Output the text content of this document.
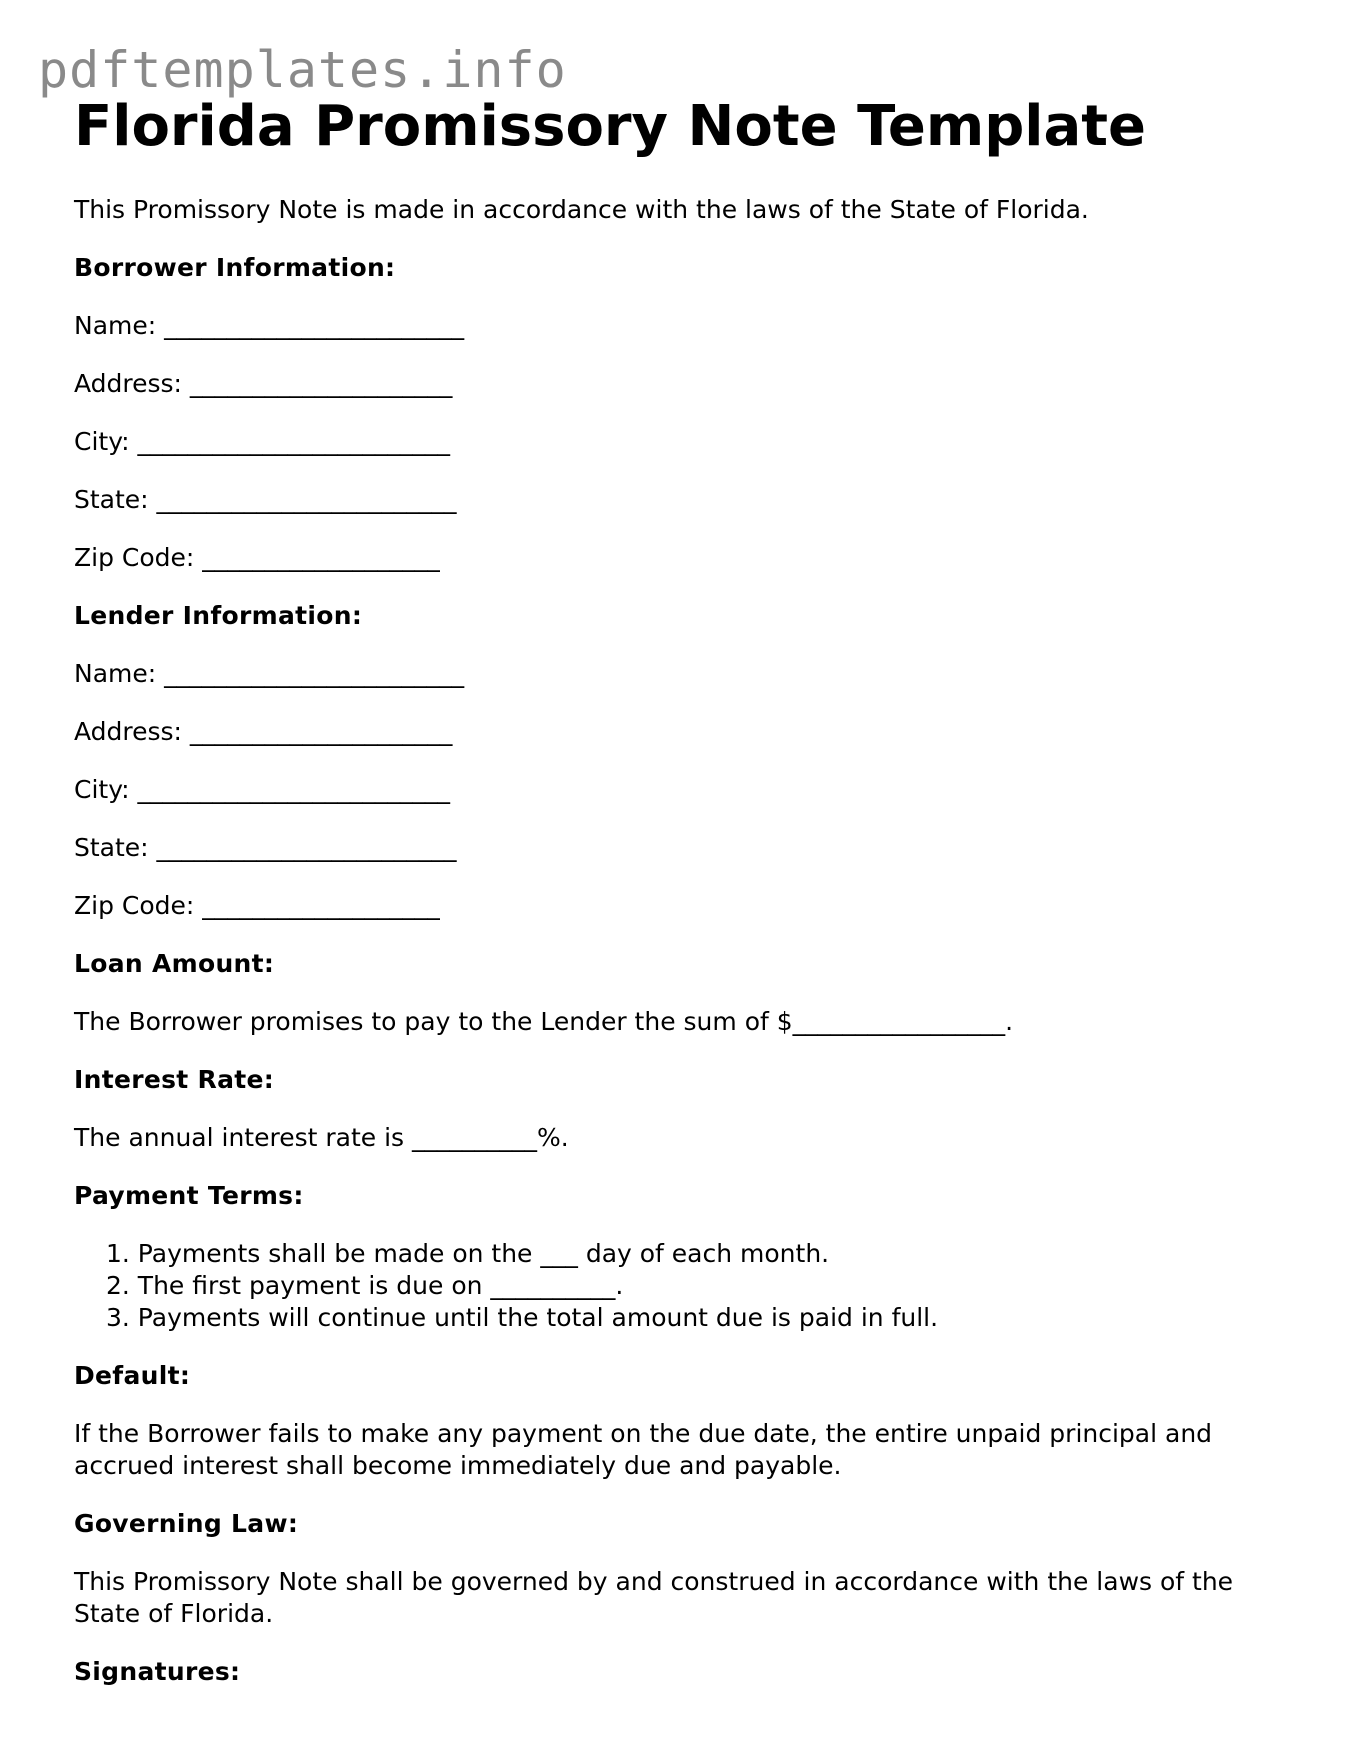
pdftemplates.info
Florida Promissory Note Template
This Promissory Note is made in accordance with the laws of the State of Florida.
Borrower Information:
Name: ________________________
Address: _____________________
City: _________________________
State: ________________________
Zip Code: ___________________
Lender Information:
Name: ________________________
Address: _____________________
City: _________________________
State: ________________________
Zip Code: ___________________
Loan Amount:
The Borrower promises to pay to the Lender the sum of $_________________.
Interest Rate:
The annual interest rate is __________%.
Payment Terms:
1. Payments shall be made on the ___ day of each month.
2. The first payment is due on __________.
3. Payments will continue until the total amount due is paid in full.
Default:
If the Borrower fails to make any payment on the due date, the entire unpaid principal and accrued interest shall become immediately due and payable.
Governing Law:
This Promissory Note shall be governed by and construed in accordance with the laws of the State of Florida.
Signatures:
